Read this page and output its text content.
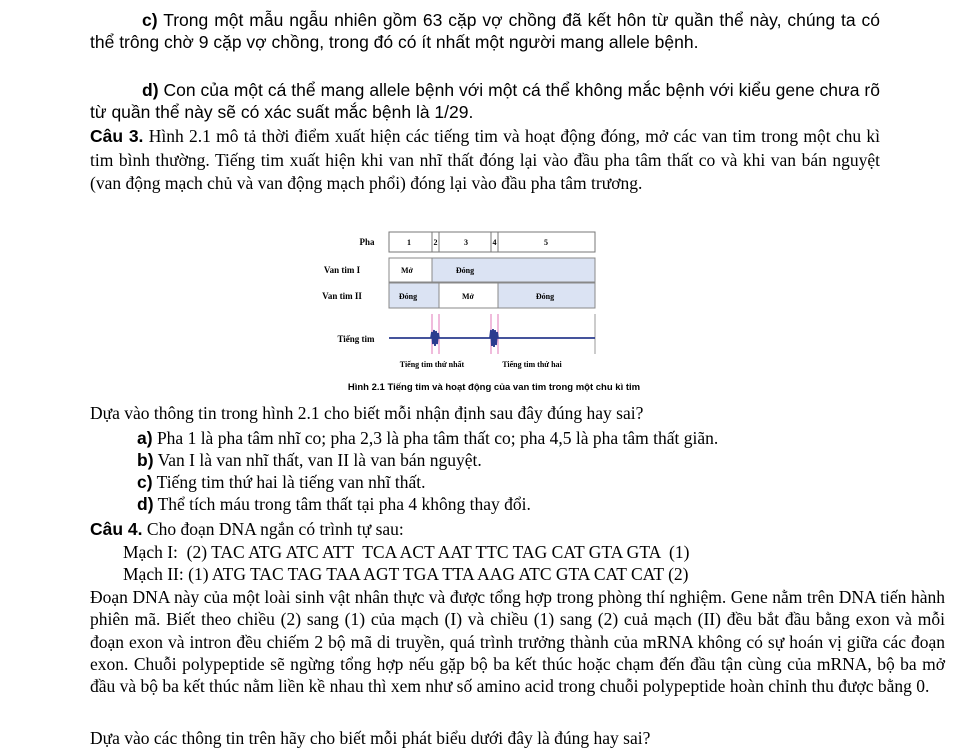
c) Trong một mẫu ngẫu nhiên gồm 63 cặp vợ chồng đã kết hôn từ quần thể này, chúng ta có thể trông chờ 9 cặp vợ chồng, trong đó có ít nhất một người mang allele bệnh.

d) Con của một cá thể mang allele bệnh với một cá thể không mắc bệnh với kiểu gene chưa rõ từ quần thể này sẽ có xác suất mắc bệnh là 1/29.

Câu 3. Hình 2.1 mô tả thời điểm xuất hiện các tiếng tim và hoạt động đóng, mở các van tim trong một chu kì tim bình thường. Tiếng tim xuất hiện khi van nhĩ thất đóng lại vào đầu pha tâm thất co và khi van bán nguyệt (van động mạch chủ và van động mạch phổi) đóng lại vào đầu pha tâm trương.

Pha	1	2	3	4	5
Van tim I	Mở	Đóng
Van tim II	Đóng	Mở	Đóng
Tiếng tim
Tiếng tim thứ nhất	Tiếng tim thứ hai
Hình 2.1 Tiếng tim và hoạt động của van tim trong một chu kì tim

Dựa vào thông tin trong hình 2.1 cho biết mỗi nhận định sau đây đúng hay sai?

a) Pha 1 là pha tâm nhĩ co; pha 2,3 là pha tâm thất co; pha 4,5 là pha tâm thất giãn.
b) Van I là van nhĩ thất, van II là van bán nguyệt.
c) Tiếng tim thứ hai là tiếng van nhĩ thất.
d) Thể tích máu trong tâm thất tại pha 4 không thay đổi.

Câu 4. Cho đoạn DNA ngắn có trình tự sau:

Mạch I:  (2) TAC ATG ATC ATT  TCA ACT AAT TTC TAG CAT GTA GTA  (1)

Mạch II: (1) ATG TAC TAG TAA AGT TGA TTA AAG ATC GTA CAT CAT (2)

Đoạn DNA này của một loài sinh vật nhân thực và được tổng hợp trong phòng thí nghiệm. Gene nằm trên DNA tiến hành phiên mã. Biết theo chiều (2) sang (1) của mạch (I) và chiều (1) sang (2) cuả mạch (II) đều bắt đầu bằng exon và mỗi đoạn exon và intron đều chiếm 2 bộ mã di truyền, quá trình trưởng thành của mRNA không có sự hoán vị giữa các đoạn exon. Chuỗi polypeptide sẽ ngừng tổng hợp nếu gặp bộ ba kết thúc hoặc chạm đến đầu tận cùng của mRNA, bộ ba mở đầu và bộ ba kết thúc nằm liền kề nhau thì xem như số amino acid trong chuỗi polypeptide hoàn chỉnh thu được bằng 0.

Dựa vào các thông tin trên hãy cho biết mỗi phát biểu dưới đây là đúng hay sai?
